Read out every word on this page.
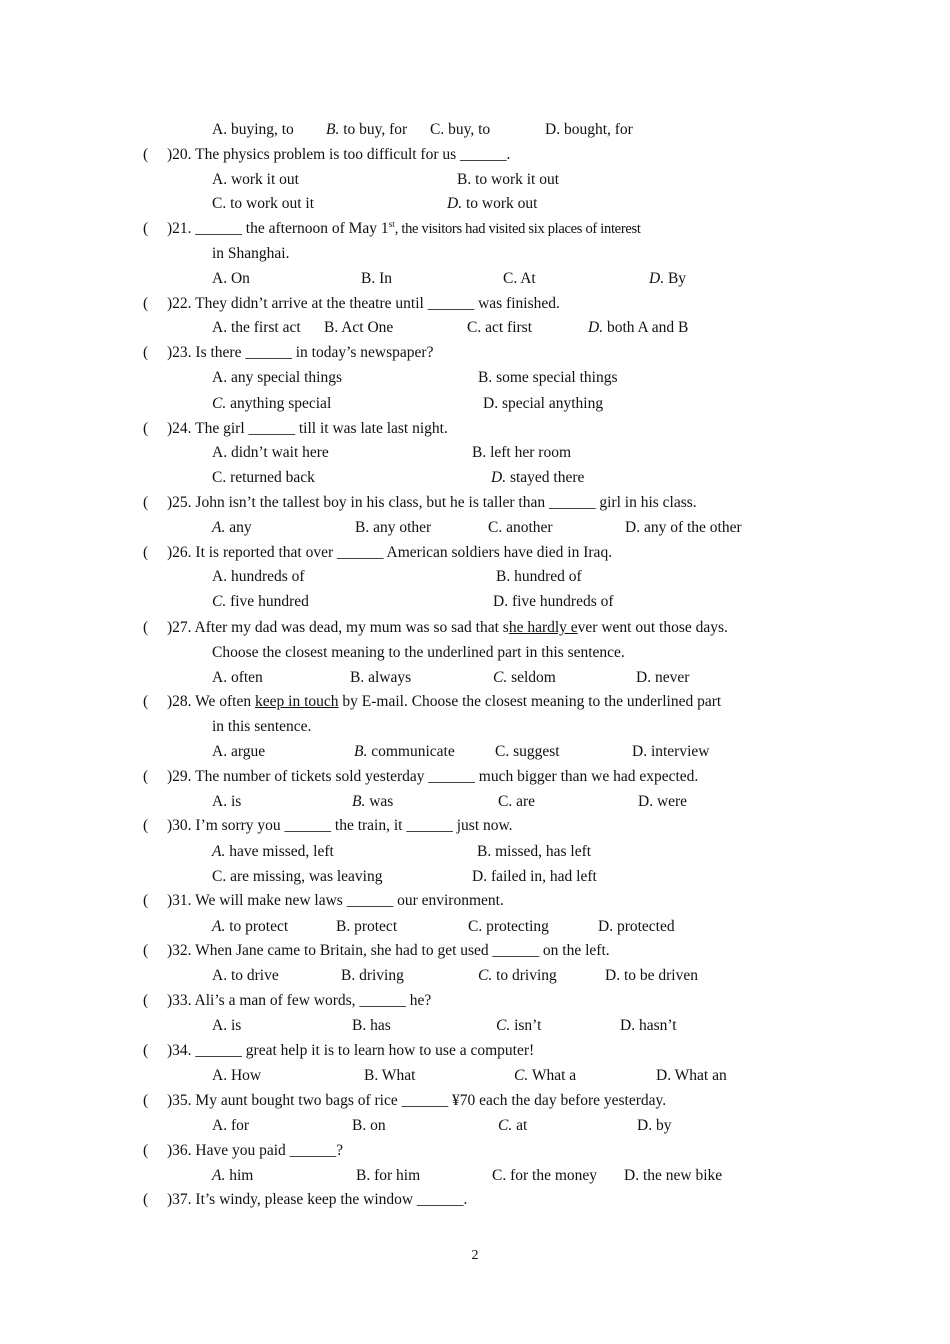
A. buying, to B. to buy, for C. buy, to	D. bought, for
( )20. The physics problem is too difficult for us ______.
A. work it out	B. to work it out
C. to work out it	D. to work out
( )21. ______ the afternoon of May 1st, the visitors had visited six places of interest
in Shanghai.
A. On	B. In	C. At	D. By
( )22. They didn’t arrive at the theatre until ______ was finished.
A. the first act B. Act One	C. act first	D. both A and B
( )23. Is there ______ in today’s newspaper?
A. any special things	B. some special things
C. anything special	D. special anything
( )24. The girl ______ till it was late last night.
A. didn’t wait here	B. left her room
C. returned back	D. stayed there
( )25. John isn’t the tallest boy in his class, but he is taller than ______ girl in his class.
A. any	B. any other	C. another	D. any of the other
( )26. It is reported that over ______ American soldiers have died in Iraq.
A. hundreds of	B. hundred of
C. five hundred	D. five hundreds of
( )27. After my dad was dead, my mum was so sad that she hardly ever went out those days.
Choose the closest meaning to the underlined part in this sentence.
A. often	B. always	C. seldom	D. never
( )28. We often keep in touch by E-mail. Choose the closest meaning to the underlined part
in this sentence.
A. argue	B. communicate	C. suggest	D. interview
( )29. The number of tickets sold yesterday ______ much bigger than we had expected.
A. is	B. was	C. are	D. were
( )30. I’m sorry you ______ the train, it ______ just now.
A. have missed, left	B. missed, has left
C. are missing, was leaving	D. failed in, had left
( )31. We will make new laws ______ our environment.
A. to protect	B. protect	C. protecting	D. protected
( )32. When Jane came to Britain, she had to get used ______ on the left.
A. to drive	B. driving	C. to driving	D. to be driven
( )33. Ali’s a man of few words, ______ he?
A. is	B. has	C. isn’t	D. hasn’t
( )34. ______ great help it is to learn how to use a computer!
A. How	B. What	C. What a	D. What an
( )35. My aunt bought two bags of rice ______ ¥70 each the day before yesterday.
A. for	B. on	C. at	D. by
( )36. Have you paid ______?
A. him	B. for him	C. for the money D. the new bike
( )37. It’s windy, please keep the window ______.
2
